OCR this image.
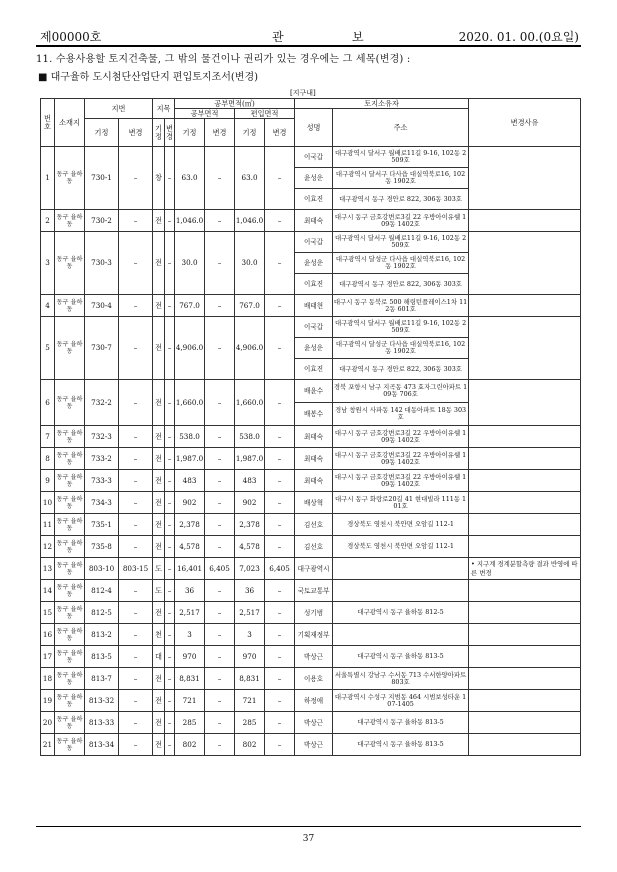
제00000호	관	보	2020. 01. 00.(0요일)
11. 수용사용할 토지건축물, 그 밖의 물건이나 권리가 있는 경우에는 그 세목(변경) :
■ 대구율하 도시첨단산업단지 편입토지조서(변경)
[지구내]
번호	소재지	지번		지목		공부면적(㎡)				토지소유자		변경사유
						공부면적		편입면적		성명	주소	
		기정	변경	기정	변경	기정	변경	기정	변경			
1	동구 율하동	730-1	–	창	–	63.0	–	63.0	–	이국갑	대구광역시 달서구 월배로11길 9-16, 102동 2509호	
										윤성운	대구광역시 달서구 다사읍 대실역북로16, 102동 1902호	
										이효진	대구광역시 동구 경안로 822, 306동 303호	
2	동구 율하동	730-2	–	전	–	1,046.0	–	1,046.0	–	최태숙	대구시 동구 금호강변로3길 22 우방아이유쉘 109동 1402호	
3	동구 율하동	730-3	–	전	–	30.0	–	30.0	–	이국갑	대구광역시 달서구 월배로11길 9-16, 102동 2509호	
										윤성운	대구광역시 달성군 다사읍 대실역북로16, 102동 1902호	
										이효진	대구광역시 동구 경안로 822, 306동 303호	
4	동구 율하동	730-4	–	전	–	767.0	–	767.0	–	배태현	대구시 동구 동북로 500 해링턴플레이스1차 112동 601호	
5	동구 율하동	730-7	–	전	–	4,906.0	–	4,906.0	–	이국갑	대구광역시 달서구 월배로11길 9-16, 102동 2509호	
										윤성운	대구광역시 달성군 다사읍 대실역북로16, 102동 1902호	
										이효진	대구광역시 동구 경안로 822, 306동 303호	
6	동구 율하동	732-2	–	전	–	1,660.0	–	1,660.0	–	배윤수	경북 포항시 남구 지곡동 473 효자그린아파트 109동 706호	
										배봉수	경남 창원시 사파동 142 대동아파트 18동 303호	
7	동구 율하동	732-3	–	전	–	538.0	–	538.0	–	최태숙	대구시 동구 금호강변로3길 22 우방아이유쉘 109동 1402호	
8	동구 율하동	733-2	–	전	–	1,987.0	–	1,987.0	–	최태숙	대구시 동구 금호강변로3길 22 우방아이유쉘 109동 1402호	
9	동구 율하동	733-3	–	전	–	483	–	483	–	최태숙	대구시 동구 금호강변로3길 22 우방아이유쉘 109동 1402호	
10	동구 율하동	734-3	–	전	–	902	–	902	–	배상혁	대구시 동구 화랑로20길 41 현대빌라 111동 101호	
11	동구 율하동	735-1	–	전	–	2,378	–	2,378	–	김선호	경상북도 영천시 북안면 오암길 112-1	
12	동구 율하동	735-8	–	전	–	4,578	–	4,578	–	김선호	경상북도 영천시 북안면 오암길 112-1	
13	동구 율하동	803-10	803-15	도	–	16,401	6,405	7,023	6,405	대구광역시		• 지구계 경계분할측량 결과 반영에 따른 변경
14	동구 율하동	812-4	–	도	–	36	–	36	–	국토교통부		
15	동구 율하동	812-5	–	전	–	2,517	–	2,517	–	성기범	대구광역시 동구 율하동 812-5	
16	동구 율하동	813-2	–	천	–	3	–	3	–	기획재정부		
17	동구 율하동	813-5	–	대	–	970	–	970	–	박상근	대구광역시 동구 율하동 813-5	
18	동구 율하동	813-7	–	전	–	8,831	–	8,831	–	이용호	서울특별시 강남구 수서동 713 수서한양아파트 803호	
19	동구 율하동	813-32	–	전	–	721	–	721	–	하정애	대구광역시 수성구 지범동 464 시범보성타운 107-1405	
20	동구 율하동	813-33	–	전	–	285	–	285	–	박상근	대구광역시 동구 율하동 813-5	
21	동구 율하동	813-34	–	전	–	802	–	802	–	박상근	대구광역시 동구 율하동 813-5	
37
